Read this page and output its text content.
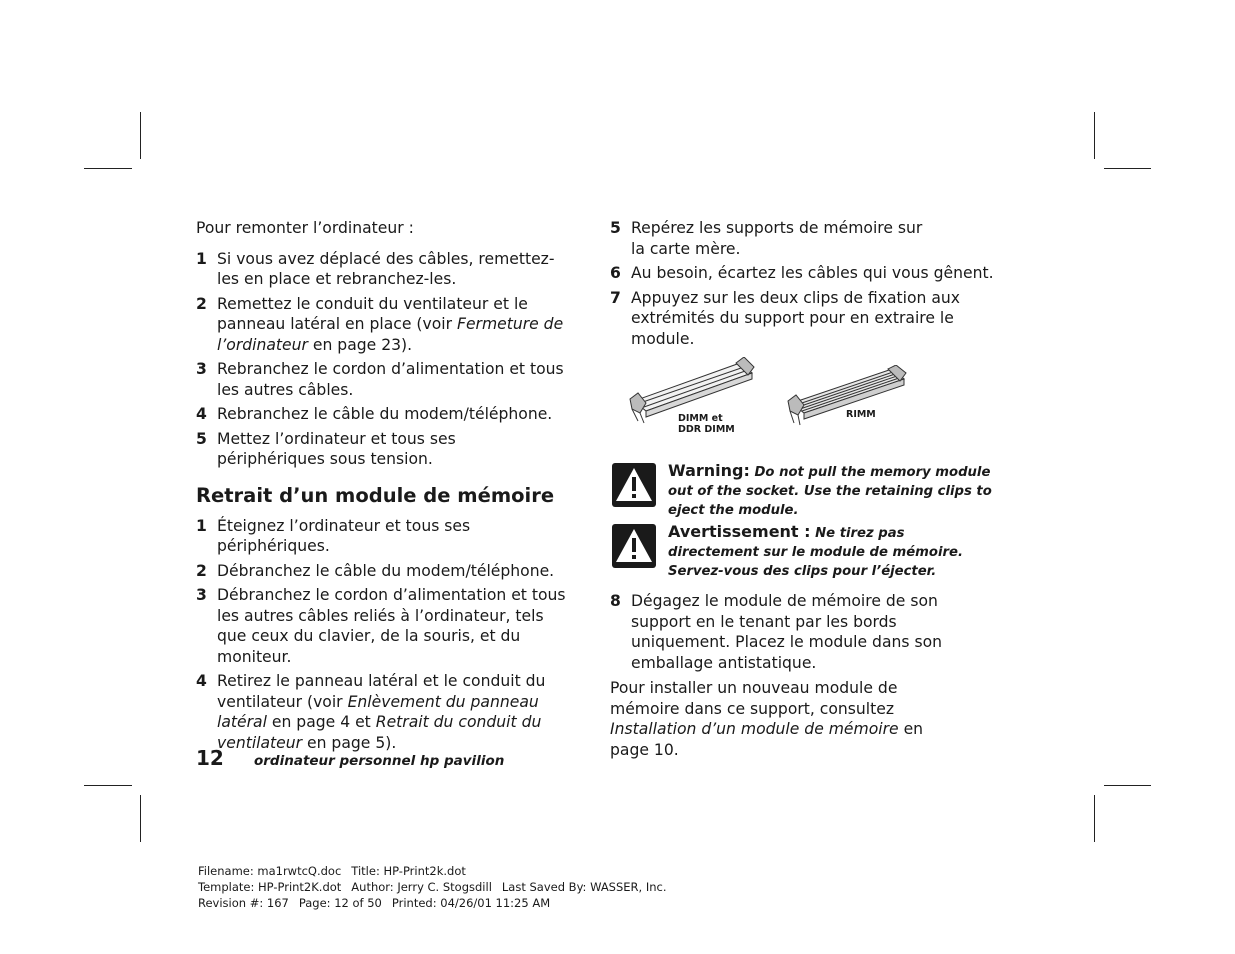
Pour remonter l’ordinateur :

1 Si vous avez déplacé des câbles, remettez-les en place et rebranchez-les.
2 Remettez le conduit du ventilateur et le panneau latéral en place (voir Fermeture de l’ordinateur en page 23).
3 Rebranchez le cordon d’alimentation et tous les autres câbles.
4 Rebranchez le câble du modem/téléphone.
5 Mettez l’ordinateur et tous ses périphériques sous tension.
Retrait d’un module de mémoire
1 Éteignez l’ordinateur et tous ses périphériques.
2 Débranchez le câble du modem/téléphone.
3 Débranchez le cordon d’alimentation et tous les autres câbles reliés à l’ordinateur, tels que ceux du clavier, de la souris, et du moniteur.
4 Retirez le panneau latéral et le conduit du ventilateur (voir Enlèvement du panneau latéral en page 4 et Retrait du conduit du ventilateur en page 5).
5 Repérez les supports de mémoire sur la carte mère.
6 Au besoin, écartez les câbles qui vous gênent.
7 Appuyez sur les deux clips de fixation aux extrémités du support pour en extraire le module.
DIMM et
DDR DIMM
RIMM
Warning: Do not pull the memory module out of the socket. Use the retaining clips to eject the module.
Avertissement : Ne tirez pas directement sur le module de mémoire. Servez-vous des clips pour l’éjecter.
8 Dégagez le module de mémoire de son support en le tenant par les bords uniquement. Placez le module dans son emballage antistatique.

Pour installer un nouveau module de mémoire dans ce support, consultez Installation d’un module de mémoire en page 10.

12	ordinateur personnel hp pavilion
Filename: ma1rwtcQ.doc Title: HP-Print2k.dot
Template: HP-Print2K.dot Author: Jerry C. Stogsdill Last Saved By: WASSER, Inc.
Revision #: 167 Page: 12 of 50 Printed: 04/26/01 11:25 AM
